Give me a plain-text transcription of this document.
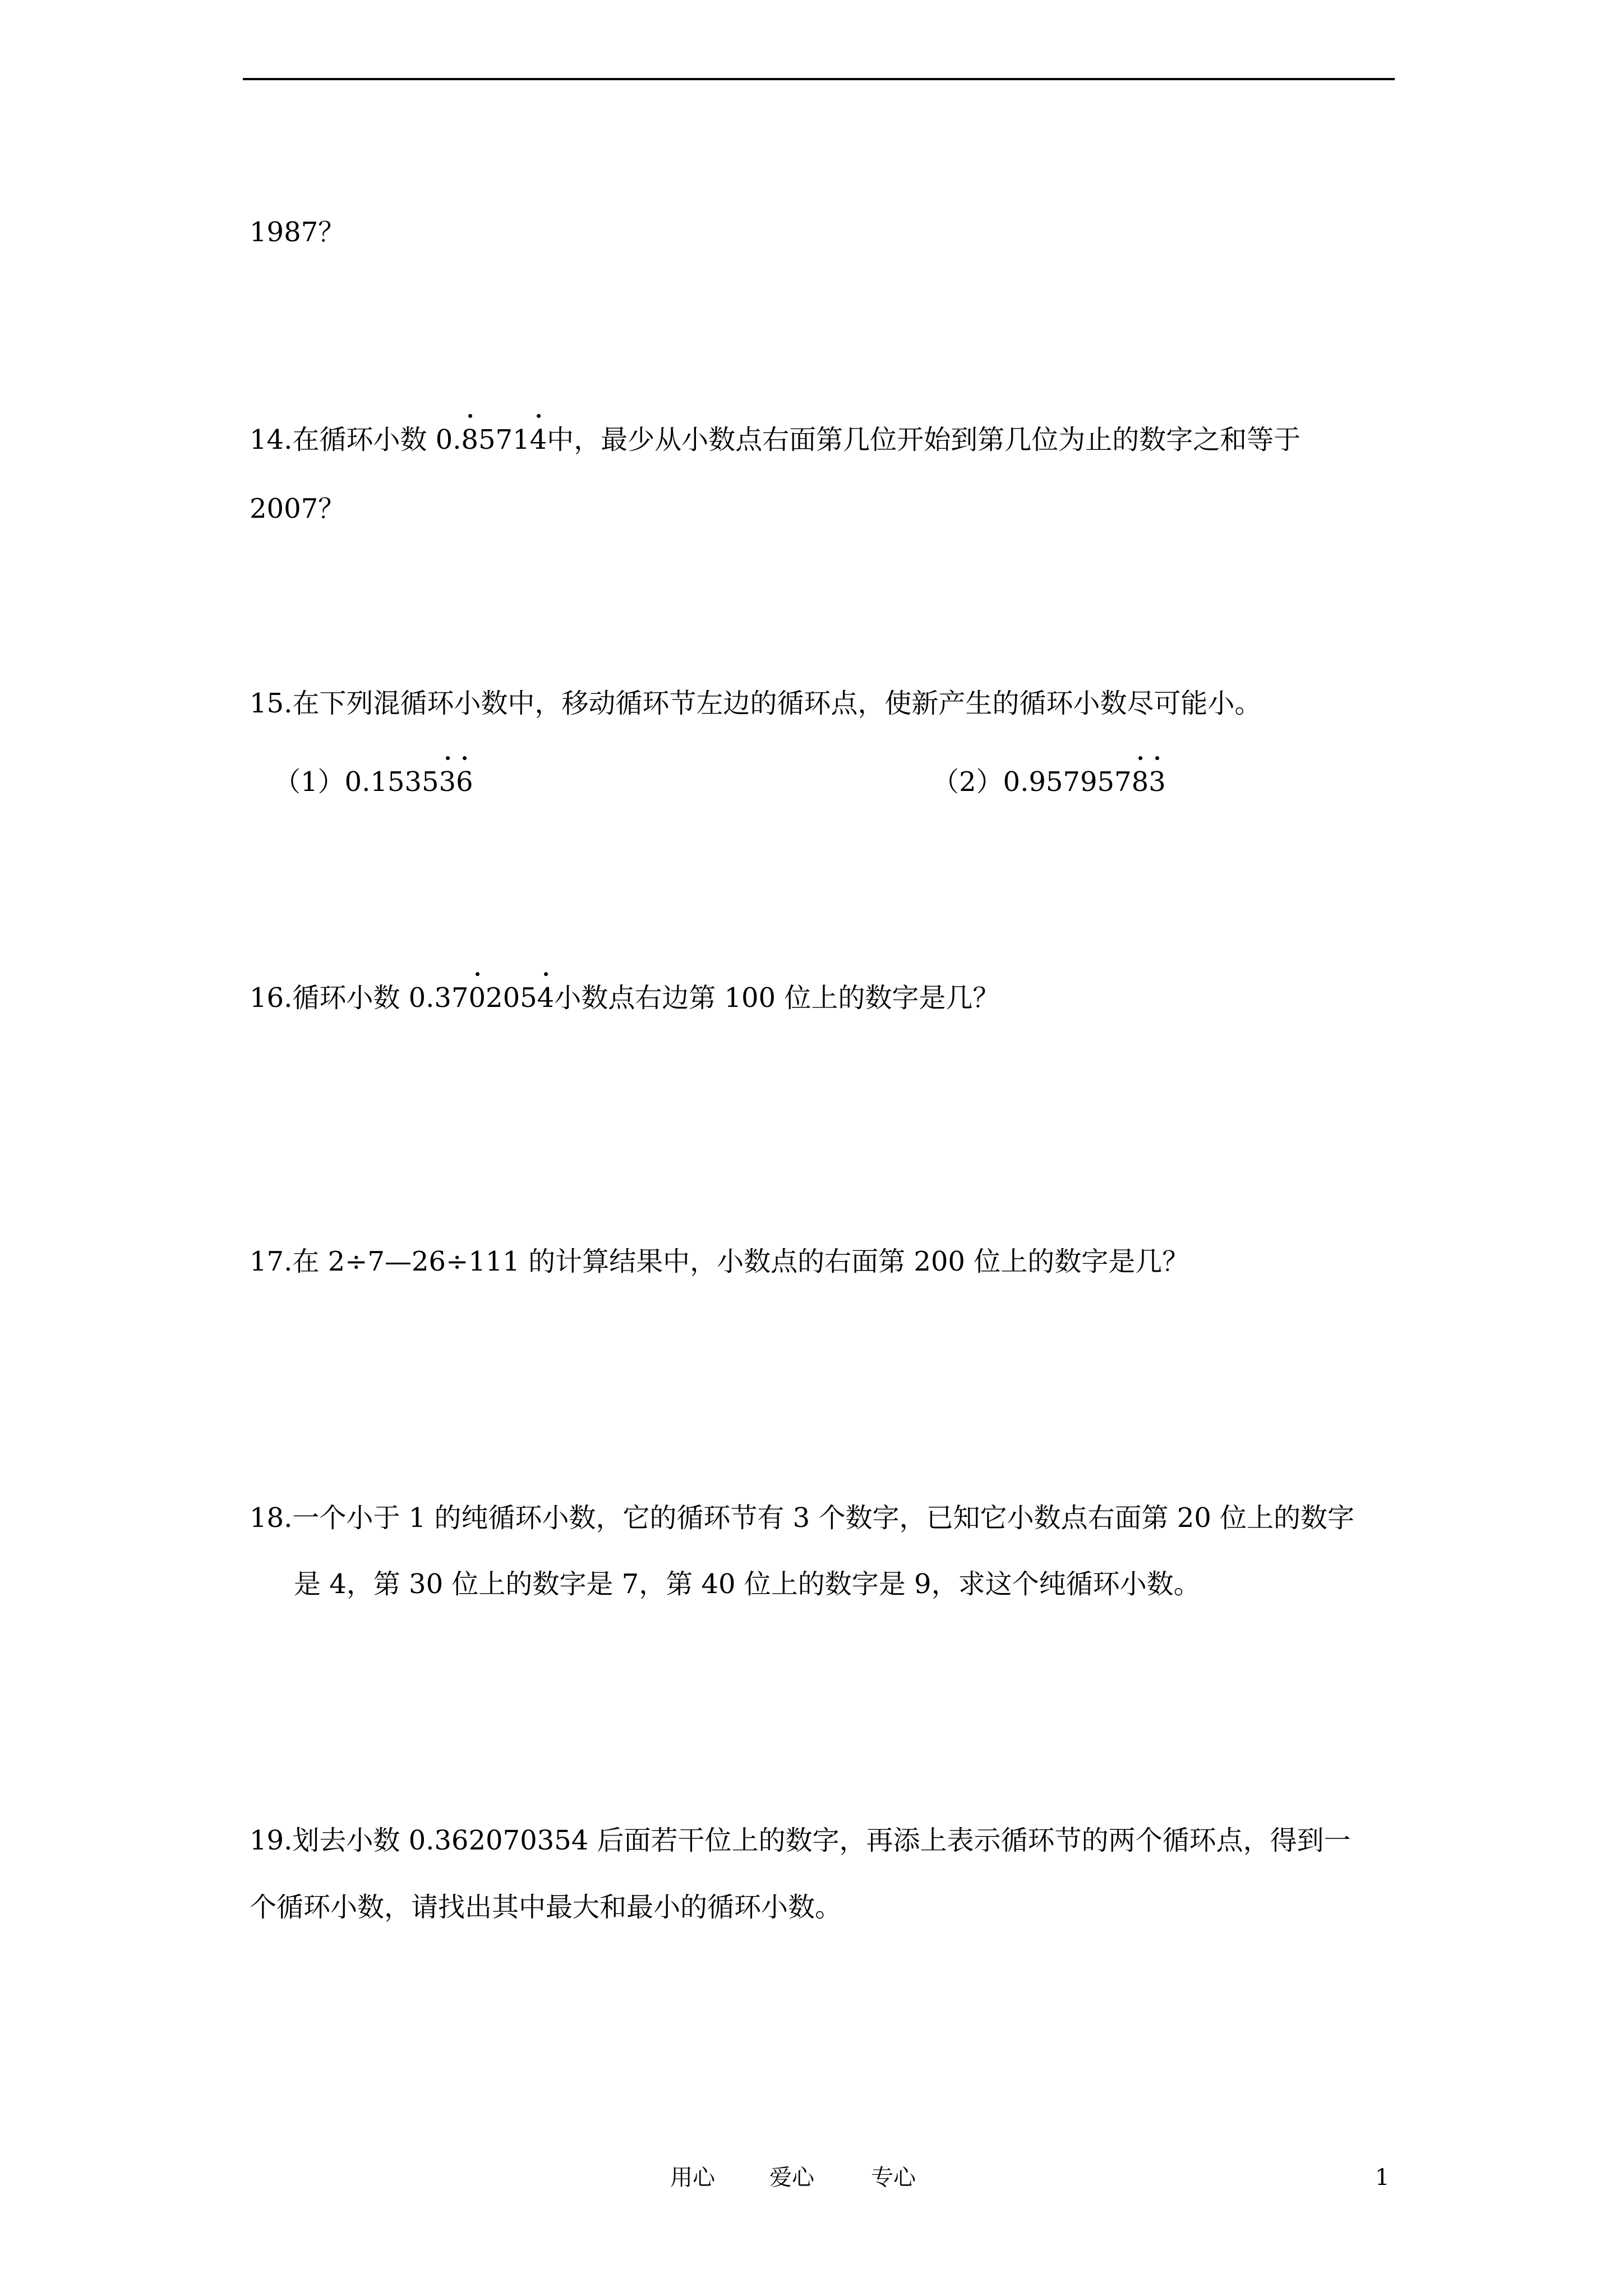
1987？
14.在循环小数 0.85714中，最少从小数点右面第几位开始到第几位为止的数字之和等于
2007？
15.在下列混循环小数中，移动循环节左边的循环点，使新产生的循环小数尽可能小。
（1）0.153536	（2）0.95795783
16.循环小数 0.3702054小数点右边第 100 位上的数字是几？
17.在 2÷7—26÷111 的计算结果中，小数点的右面第 200 位上的数字是几？
18.一个小于 1 的纯循环小数，它的循环节有 3 个数字，已知它小数点右面第 20 位上的数字
是 4，第 30 位上的数字是 7，第 40 位上的数字是 9，求这个纯循环小数。
19.划去小数 0.362070354 后面若干位上的数字，再添上表示循环节的两个循环点，得到一
个循环小数，请找出其中最大和最小的循环小数。
用心 爱心	专心	1
